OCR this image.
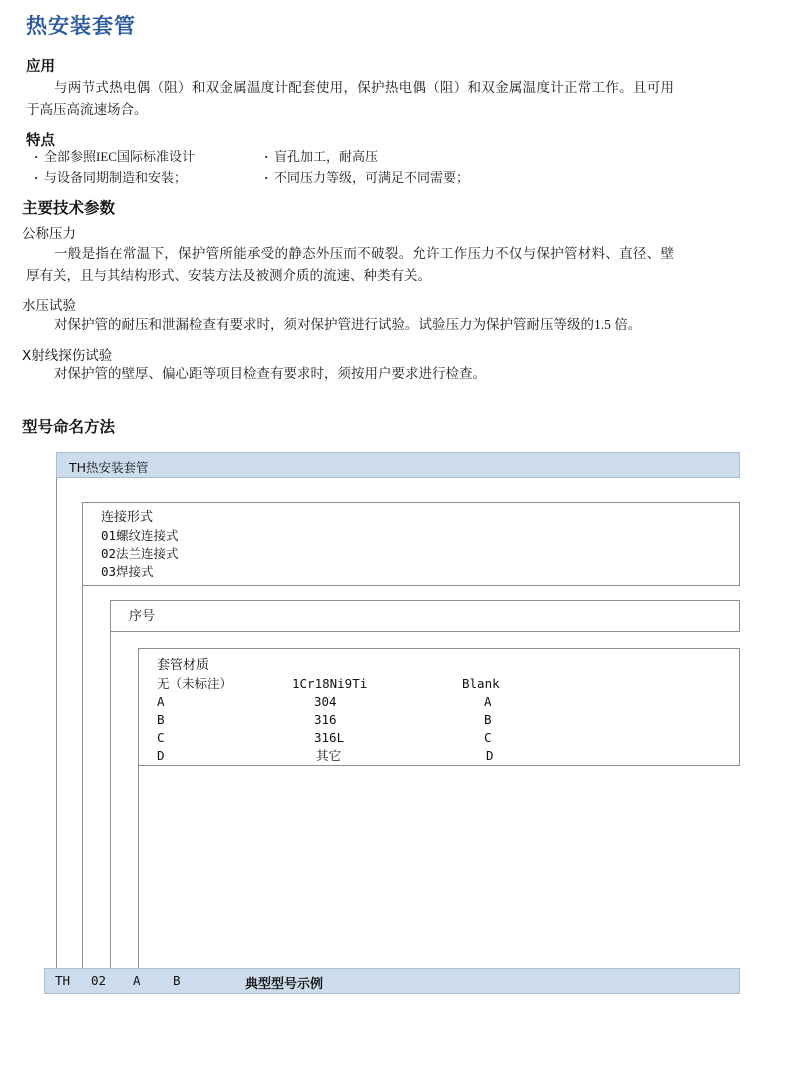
热安装套管
应用
与两节式热电偶（阻）和双金属温度计配套使用，保护热电偶（阻）和双金属温度计正常工作。且可用于高压高流速场合。
特点
· 全部参照IEC国际标准设计	· 盲孔加工，耐高压
· 与设备同期制造和安装；	· 不同压力等级，可满足不同需要；
主要技术参数
公称压力
一般是指在常温下，保护管所能承受的静态外压而不破裂。允许工作压力不仅与保护管材料、直径、壁厚有关，且与其结构形式、安装方法及被测介质的流速、种类有关。
水压试验
对保护管的耐压和泄漏检查有要求时，须对保护管进行试验。试验压力为保护管耐压等级的1.5 倍。
X射线探伤试验
对保护管的壁厚、偏心距等项目检查有要求时，须按用户要求进行检查。
型号命名方法
TH热安装套管
连接形式
01螺纹连接式
02法兰连接式
03焊接式
序号
套管材质
无（未标注）	1Cr18Ni9Ti	Blank
A	304	A
B	316	B
C	316L	C
D	其它	D
TH 02 A	B	典型型号示例
